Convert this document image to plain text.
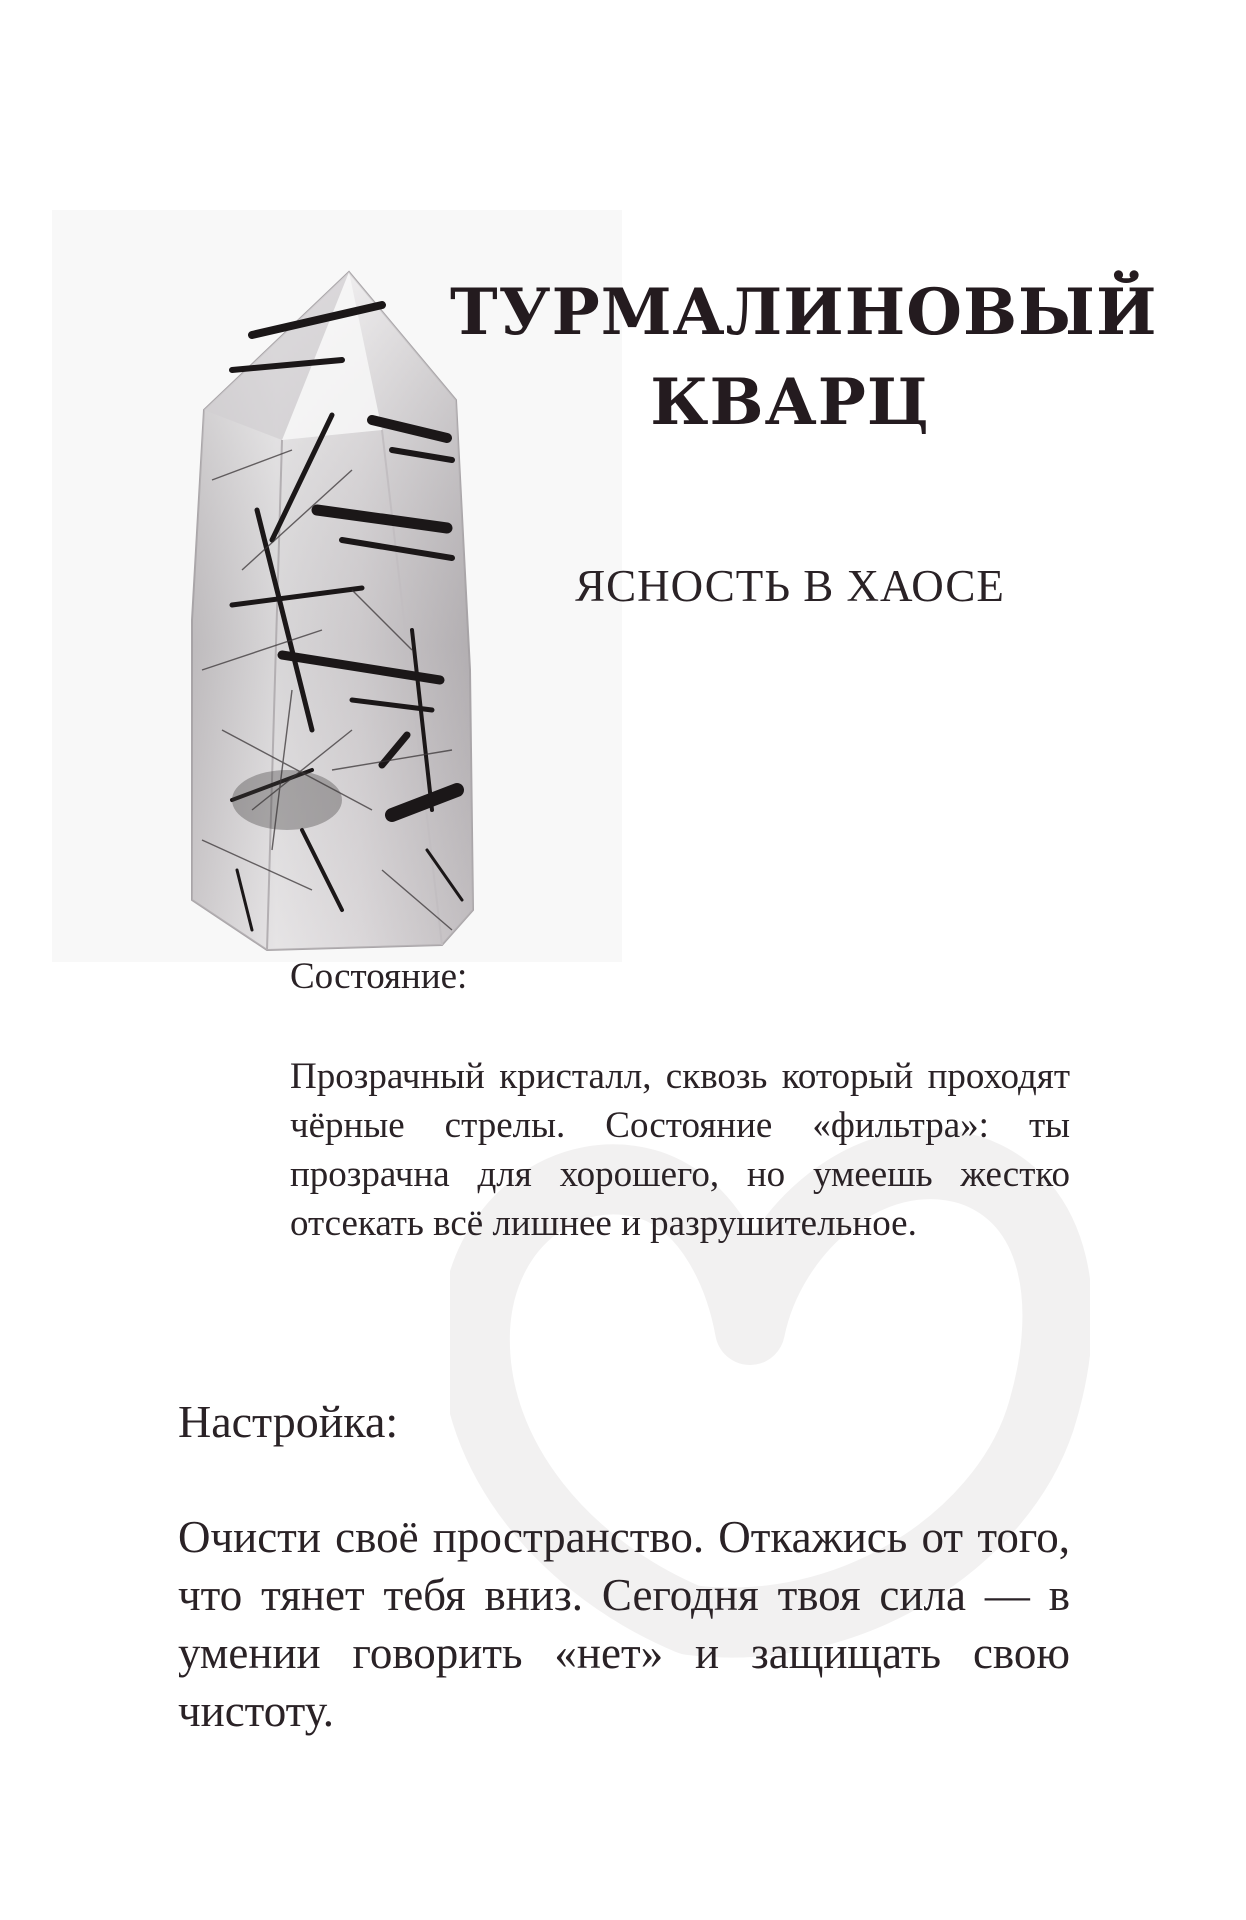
ТУРМАЛИНОВЫЙ КВАРЦ
ЯСНОСТЬ В ХАОСЕ

Состояние:

Прозрачный кристалл, сквозь который проходят чёрные стрелы. Состояние «фильтра»: ты прозрачна для хорошего, но умеешь жестко отсекать всё лишнее и разрушительное.

Настройка:

Очисти своё пространство. Откажись от того, что тянет тебя вниз. Сегодня твоя сила — в умении говорить «нет» и защищать свою чистоту.
